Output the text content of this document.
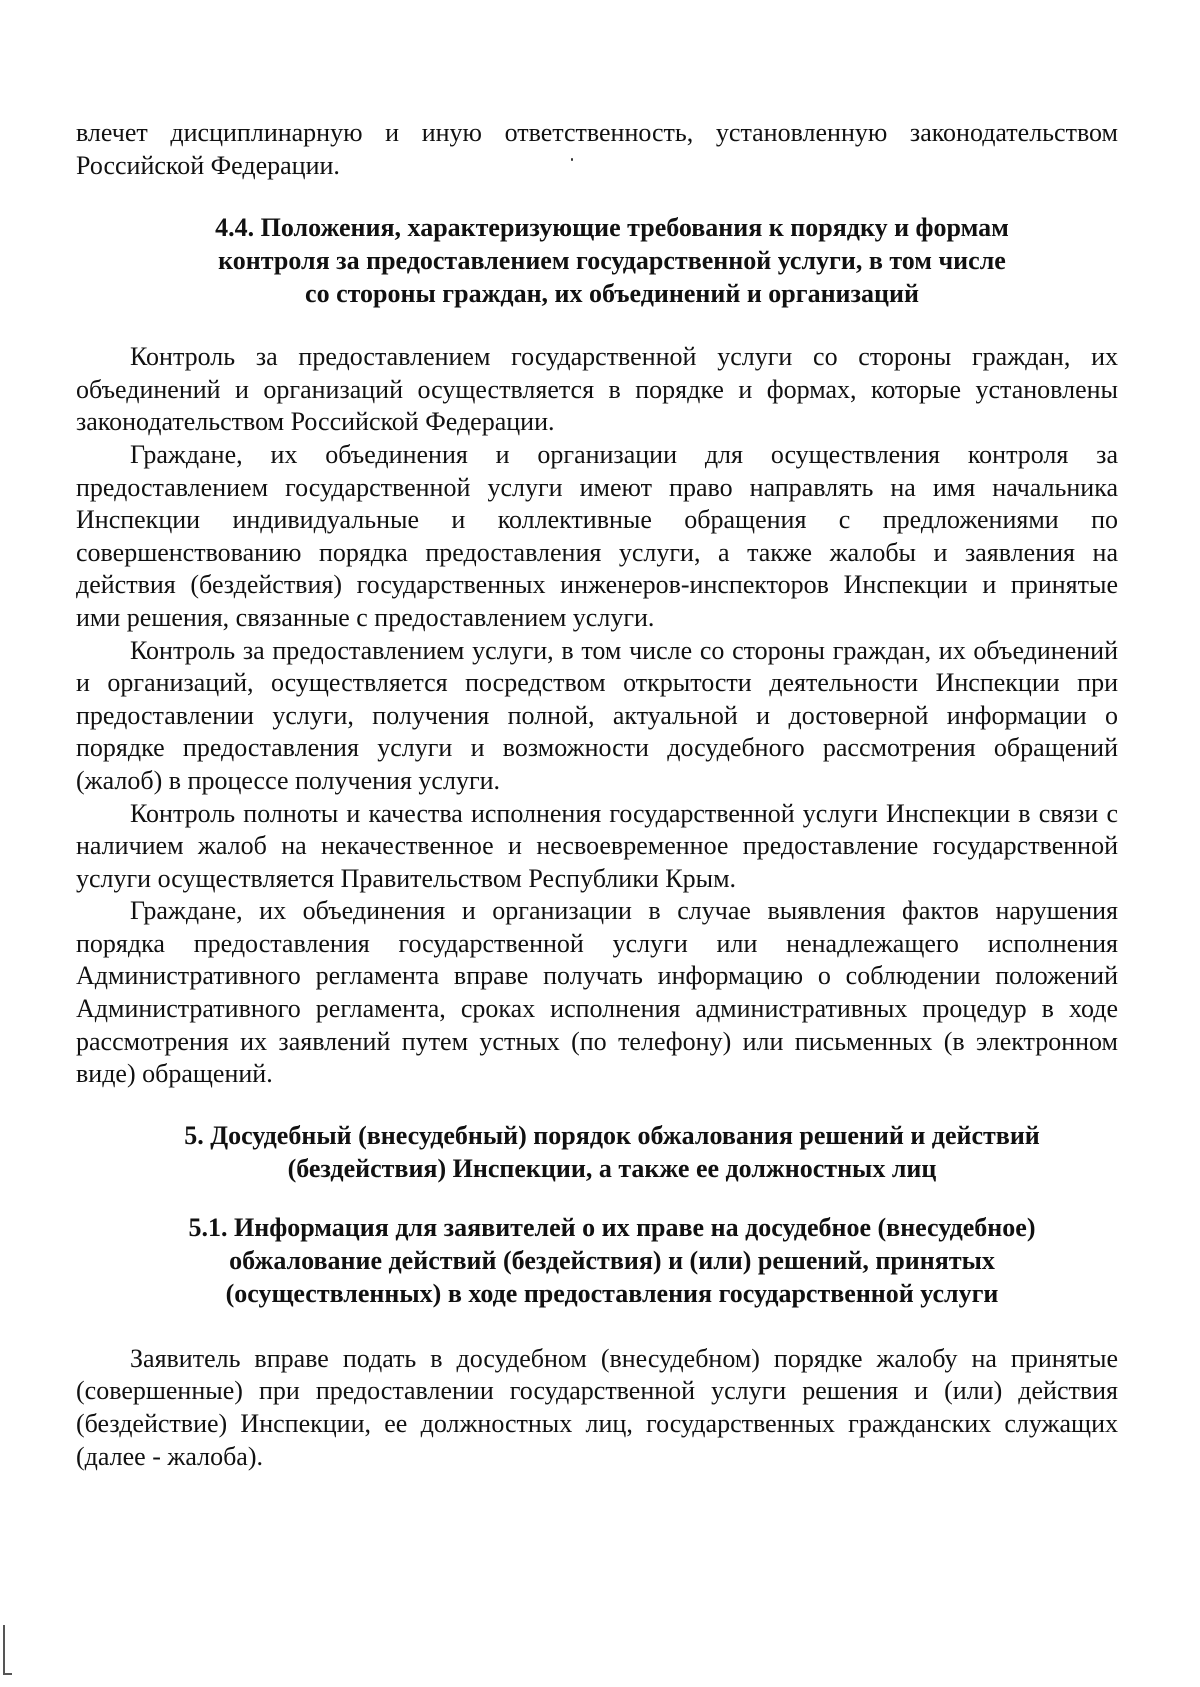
влечет дисциплинарную и иную ответственность, установленную законодательством Российской Федерации.

4.4. Положения, характеризующие требования к порядку и формам
контроля за предоставлением государственной услуги, в том числе
со стороны граждан, их объединений и организаций

Контроль за предоставлением государственной услуги со стороны граждан, их объединений и организаций осуществляется в порядке и формах, которые установлены законодательством Российской Федерации.

Граждане, их объединения и организации для осуществления контроля за предоставлением государственной услуги имеют право направлять на имя начальника Инспекции индивидуальные и коллективные обращения с предложениями по совершенствованию порядка предоставления услуги, а также жалобы и заявления на действия (бездействия) государственных инженеров-инспекторов Инспекции и принятые ими решения, связанные с предоставлением услуги.

Контроль за предоставлением услуги, в том числе со стороны граждан, их объединений и организаций, осуществляется посредством открытости деятельности Инспекции при предоставлении услуги, получения полной, актуальной и достоверной информации о порядке предоставления услуги и возможности досудебного рассмотрения обращений (жалоб) в процессе получения услуги.

Контроль полноты и качества исполнения государственной услуги Инспекции в связи с наличием жалоб на некачественное и несвоевременное предоставление государственной услуги осуществляется Правительством Республики Крым.

Граждане, их объединения и организации в случае выявления фактов нарушения порядка предоставления государственной услуги или ненадлежащего исполнения Административного регламента вправе получать информацию о соблюдении положений Административного регламента, сроках исполнения административных процедур в ходе рассмотрения их заявлений путем устных (по телефону) или письменных (в электронном виде) обращений.

5. Досудебный (внесудебный) порядок обжалования решений и действий
(бездействия) Инспекции, а также ее должностных лиц
5.1. Информация для заявителей о их праве на досудебное (внесудебное)
обжалование действий (бездействия) и (или) решений, принятых
(осуществленных) в ходе предоставления государственной услуги

Заявитель вправе подать в досудебном (внесудебном) порядке жалобу на принятые (совершенные) при предоставлении государственной услуги решения и (или) действия (бездействие) Инспекции, ее должностных лиц, государственных гражданских служащих (далее - жалоба).
